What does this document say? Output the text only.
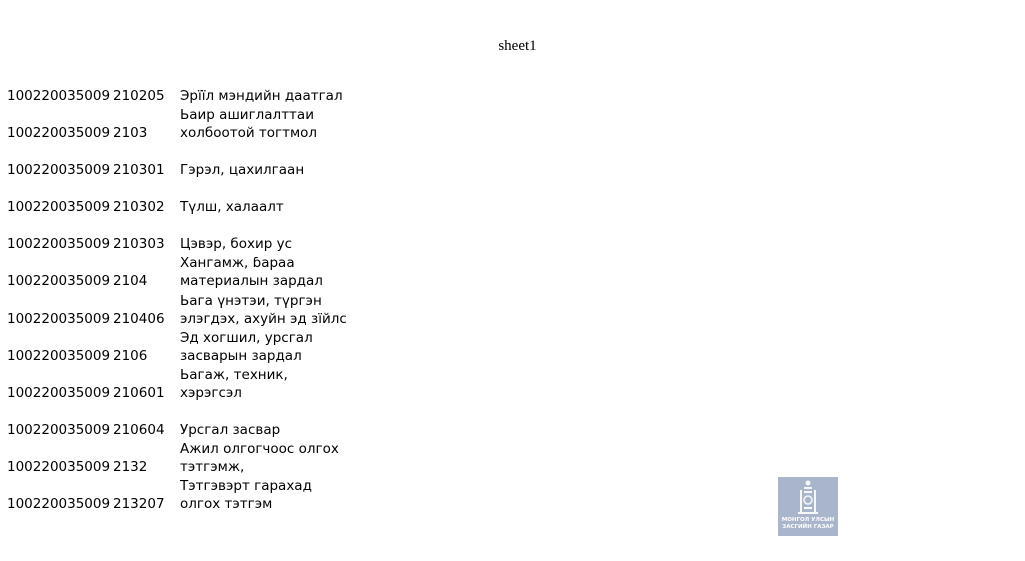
sheet1
100220035009 210205 Эрїїл мэндийн даатгал
100220035009 2103
Ьаир ашиглалттаи
холбоотой тогтмол
100220035009 210301 Гэрэл, цахилгаан
100220035009 210302 Түлш, халаалт
100220035009 210303 Цэвэр, бохир ус
100220035009 2104
Хангамж, ɓараа
материалын зардал
100220035009 210406
Ьага үнэтэи, түргэн
элэгдэх, ахуйн эд зїйлс
100220035009 2106
Эд хогшил, урсгал
засварын зардал
100220035009 210601
Ьагаж, техник,
хэрэгсэл
100220035009 210604 Урсгал засвар
100220035009 2132
Ажил олгогчоос олгох
тэтгэмж,
100220035009 213207
Тэтгэвэрт гарахад
олгох тэтгэм
МОНГОЛ УЛСЫН
ЗАСГИЙН ГАЗАР
